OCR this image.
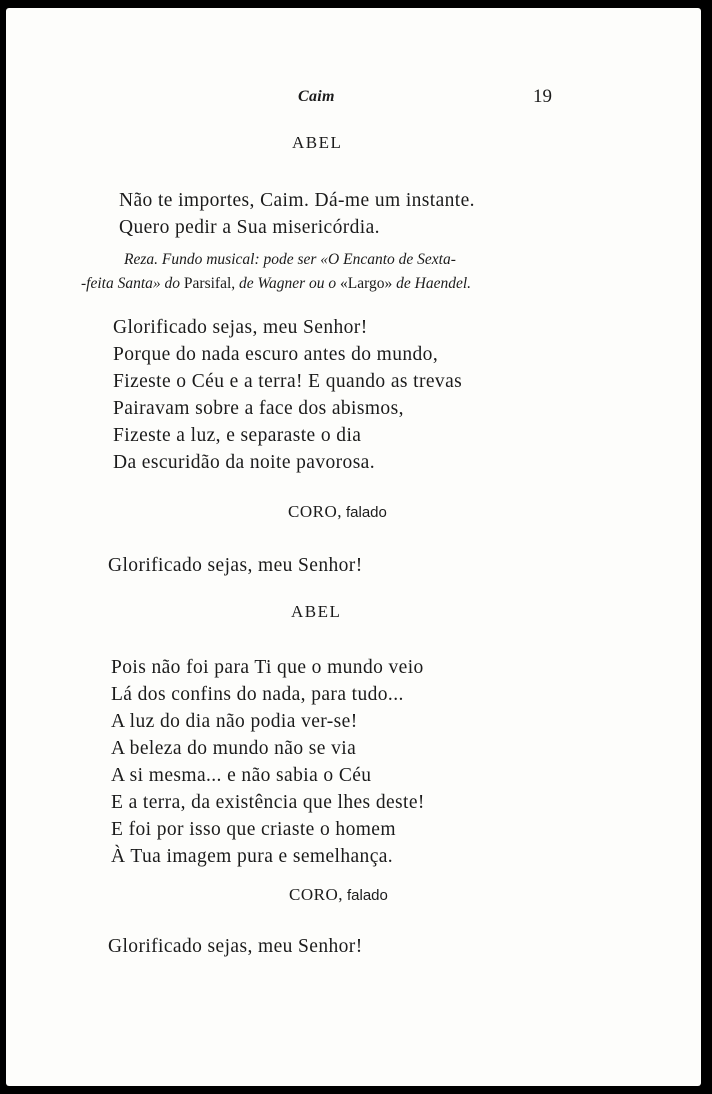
Caim	19
ABEL
Não te importes, Caim. Dá-me um instante.
Quero pedir a Sua misericórdia.
Reza. Fundo musical: pode ser «O Encanto de Sexta-
-feita Santa» do Parsifal, de Wagner ou o «Largo» de Haendel.
Glorificado sejas, meu Senhor!
Porque do nada escuro antes do mundo,
Fizeste o Céu e a terra! E quando as trevas
Pairavam sobre a face dos abismos,
Fizeste a luz, e separaste o dia
Da escuridão da noite pavorosa.
CORO, falado
Glorificado sejas, meu Senhor!
ABEL
Pois não foi para Ti que o mundo veio
Lá dos confins do nada, para tudo...
A luz do dia não podia ver-se!
A beleza do mundo não se via
A si mesma... e não sabia o Céu
E a terra, da existência que lhes deste!
E foi por isso que criaste o homem
À Tua imagem pura e semelhança.
CORO, falado
Glorificado sejas, meu Senhor!
